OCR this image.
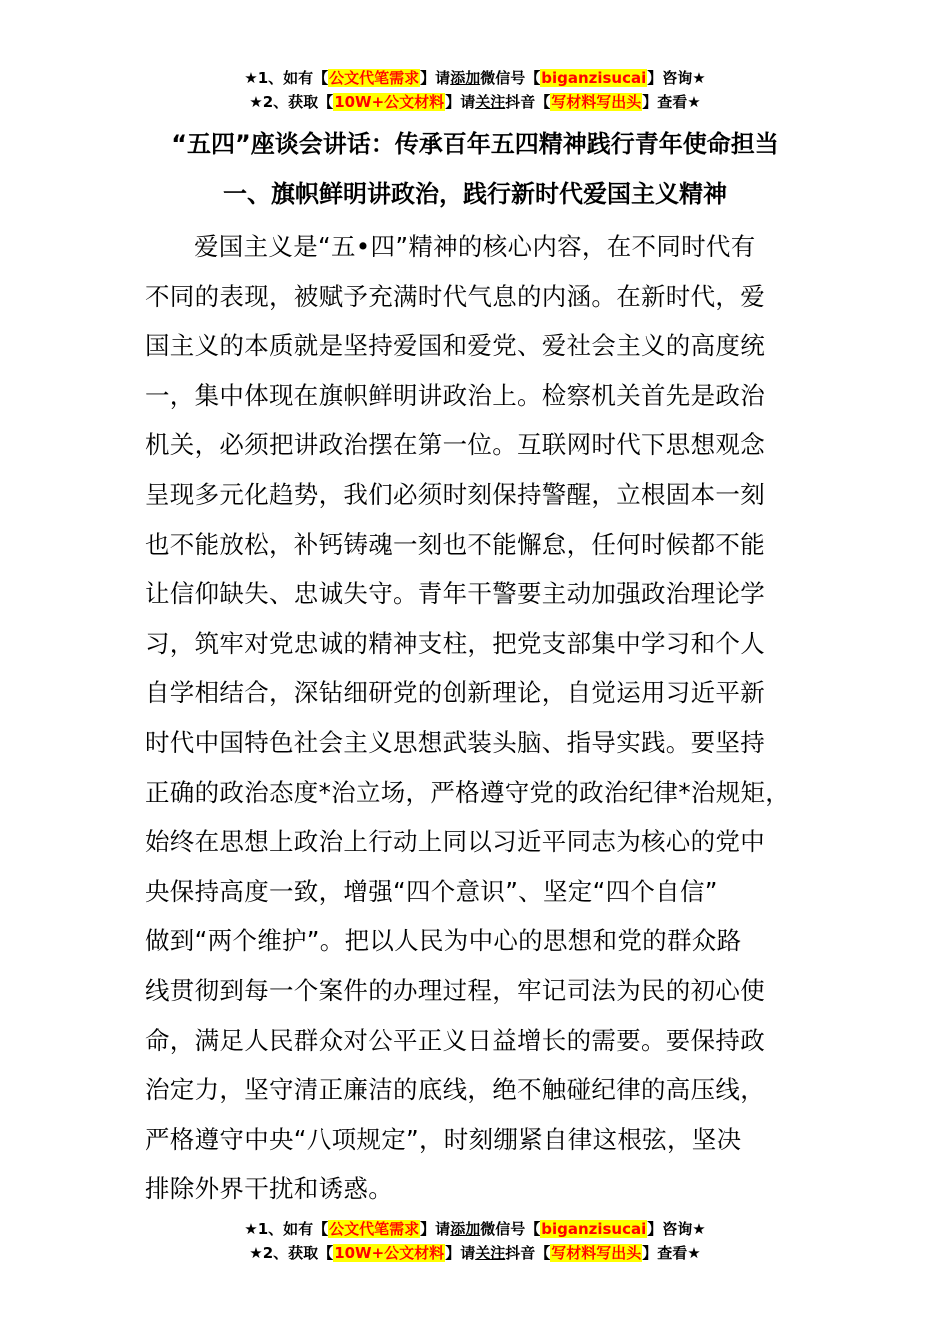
★1、如有【公文代笔需求】请添加微信号【biganzisucai】咨询★
★2、获取【10W+公文材料】请关注抖音【写材料写出头】查看★
“五四”座谈会讲话：传承百年五四精神践行青年使命担当
一、旗帜鲜明讲政治，践行新时代爱国主义精神
爱国主义是“五•四”精神的核心内容，在不同时代有
不同的表现，被赋予充满时代气息的内涵。在新时代，爱
国主义的本质就是坚持爱国和爱党、爱社会主义的高度统
一，集中体现在旗帜鲜明讲政治上。检察机关首先是政治
机关，必须把讲政治摆在第一位。互联网时代下思想观念
呈现多元化趋势，我们必须时刻保持警醒，立根固本一刻
也不能放松，补钙铸魂一刻也不能懈怠，任何时候都不能
让信仰缺失、忠诚失守。青年干警要主动加强政治理论学
习，筑牢对党忠诚的精神支柱，把党支部集中学习和个人
自学相结合，深钻细研党的创新理论，自觉运用习近平新
时代中国特色社会主义思想武装头脑、指导实践。要坚持
正确的政治态度*治立场，严格遵守党的政治纪律*治规矩，
始终在思想上政治上行动上同以习近平同志为核心的党中
央保持高度一致，增强“四个意识”、坚定“四个自信”
做到“两个维护”。把以人民为中心的思想和党的群众路
线贯彻到每一个案件的办理过程，牢记司法为民的初心使
命，满足人民群众对公平正义日益增长的需要。要保持政
治定力，坚守清正廉洁的底线，绝不触碰纪律的高压线，
严格遵守中央“八项规定”，时刻绷紧自律这根弦，坚决
排除外界干扰和诱惑。
★1、如有【公文代笔需求】请添加微信号【biganzisucai】咨询★
★2、获取【10W+公文材料】请关注抖音【写材料写出头】查看★
